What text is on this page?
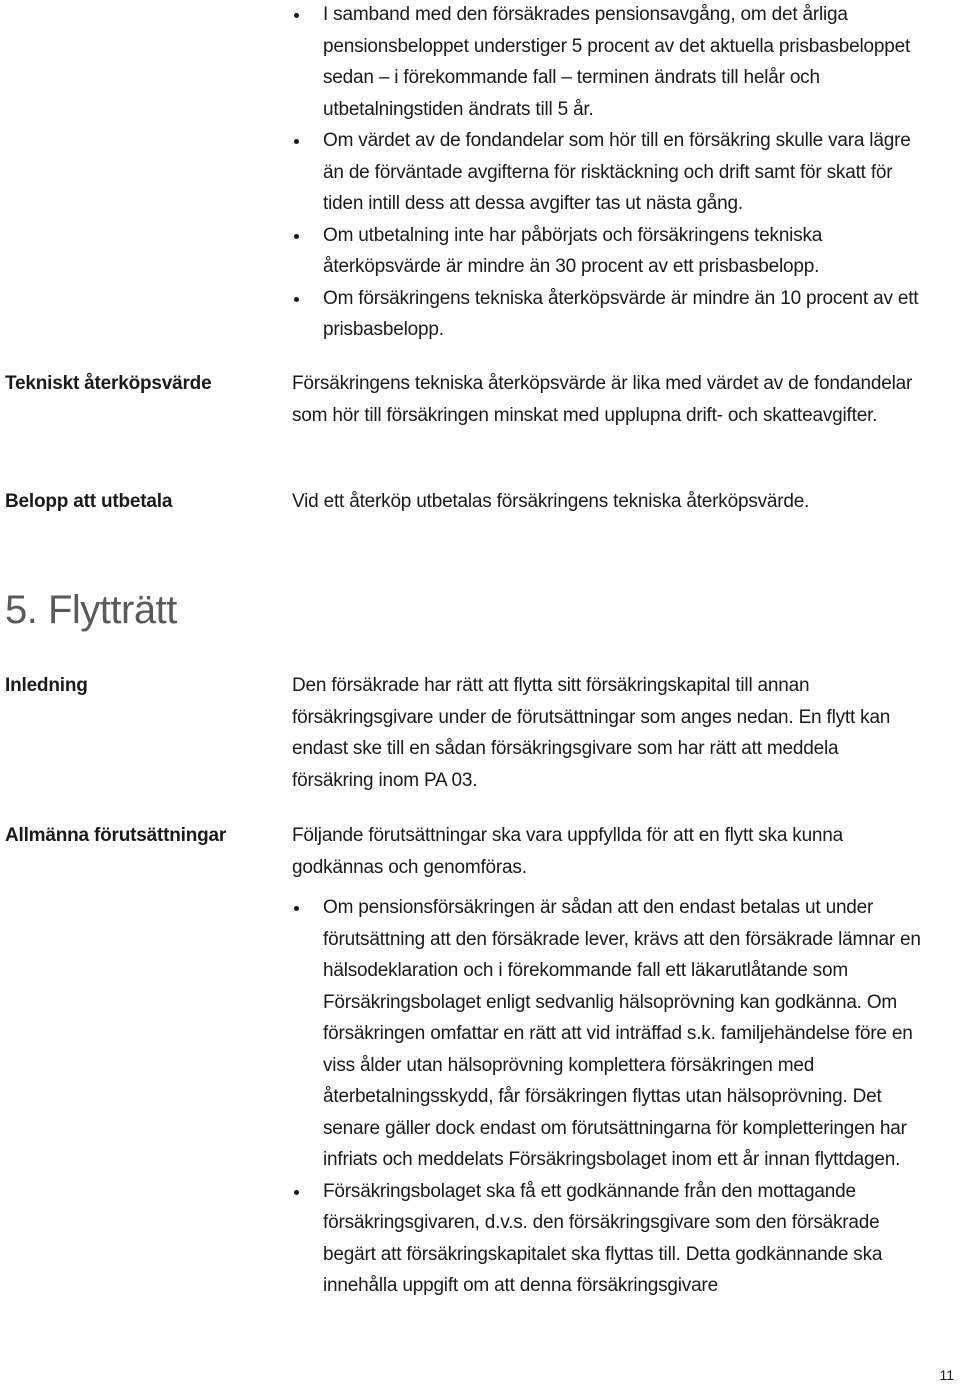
I samband med den försäkrades pensionsavgång, om det årliga pensionsbeloppet understiger 5 procent av det aktuella prisbasbeloppet sedan – i förekommande fall – terminen ändrats till helår och utbetalningstiden ändrats till 5 år.
Om värdet av de fondandelar som hör till en försäkring skulle vara lägre än de förväntade avgifterna för risktäckning och drift samt för skatt för tiden intill dess att dessa avgifter tas ut nästa gång.
Om utbetalning inte har påbörjats och försäkringens tekniska återköpsvärde är mindre än 30 procent av ett prisbasbelopp.
Om försäkringens tekniska återköpsvärde är mindre än 10 procent av ett prisbasbelopp.
Tekniskt återköpsvärde	Försäkringens tekniska återköpsvärde är lika med värdet av de fondandelar som hör till försäkringen minskat med upplupna drift- och skatteavgifter.

Belopp att utbetala	Vid ett återköp utbetalas försäkringens tekniska återköpsvärde.

5. Flytträtt
Inledning	Den försäkrade har rätt att flytta sitt försäkringskapital till annan försäkringsgivare under de förutsättningar som anges nedan. En flytt kan endast ske till en sådan försäkringsgivare som har rätt att meddela försäkring inom PA 03.

Allmänna förutsättningar	Följande förutsättningar ska vara uppfyllda för att en flytt ska kunna godkännas och genomföras.

Om pensionsförsäkringen är sådan att den endast betalas ut under förutsättning att den försäkrade lever, krävs att den försäkrade lämnar en hälsodeklaration och i förekommande fall ett läkarutlåtande som Försäkringsbolaget enligt sedvanlig hälsoprövning kan godkänna. Om försäkringen omfattar en rätt att vid inträffad s.k. familjehändelse före en viss ålder utan hälsoprövning komplettera försäkringen med återbetalningsskydd, får försäkringen flyttas utan hälsoprövning. Det senare gäller dock endast om förutsättningarna för kompletteringen har infriats och meddelats Försäkringsbolaget inom ett år innan flyttdagen.
Försäkringsbolaget ska få ett godkännande från den mottagande försäkringsgivaren, d.v.s. den försäkringsgivare som den försäkrade begärt att försäkringskapitalet ska flyttas till. Detta godkännande ska innehålla uppgift om att denna försäkringsgivare
11
